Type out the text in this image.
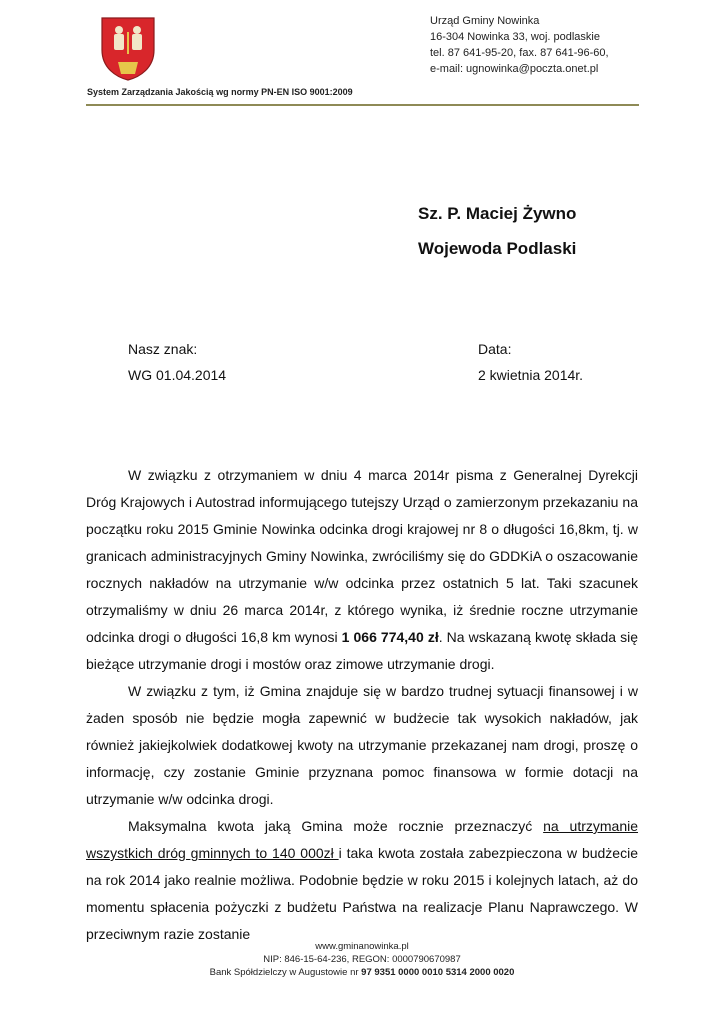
Urząd Gminy Nowinka
16-304 Nowinka 33, woj. podlaskie
tel. 87 641-95-20, fax. 87 641-96-60,
e-mail: ugnowinka@poczta.onet.pl
System Zarządzania Jakością wg normy PN-EN ISO 9001:2009
Sz. P. Maciej Żywno
Wojewoda Podlaski
Nasz znak:
WG 01.04.2014
Data:
2 kwietnia 2014r.

W związku z otrzymaniem w dniu 4 marca 2014r pisma z Generalnej Dyrekcji Dróg Krajowych i Autostrad informującego tutejszy Urząd o zamierzonym przekazaniu na początku roku 2015 Gminie Nowinka odcinka drogi krajowej nr 8 o długości 16,8km, tj. w granicach administracyjnych Gminy Nowinka, zwróciliśmy się do GDDKiA o oszacowanie rocznych nakładów na utrzymanie w/w odcinka przez ostatnich 5 lat. Taki szacunek otrzymaliśmy w dniu 26 marca 2014r, z którego wynika, iż średnie roczne utrzymanie odcinka drogi o długości 16,8 km wynosi 1 066 774,40 zł. Na wskazaną kwotę składa się bieżące utrzymanie drogi i mostów oraz zimowe utrzymanie drogi.

W związku z tym, iż Gmina znajduje się w bardzo trudnej sytuacji finansowej i w żaden sposób nie będzie mogła zapewnić w budżecie tak wysokich nakładów, jak również jakiejkolwiek dodatkowej kwoty na utrzymanie przekazanej nam drogi, proszę o informację, czy zostanie Gminie przyznana pomoc finansowa w formie dotacji na utrzymanie w/w odcinka drogi.

Maksymalna kwota jaką Gmina może rocznie przeznaczyć na utrzymanie wszystkich dróg gminnych to 140 000zł i taka kwota została zabezpieczona w budżecie na rok 2014 jako realnie możliwa. Podobnie będzie w roku 2015 i kolejnych latach, aż do momentu spłacenia pożyczki z budżetu Państwa na realizacje Planu Naprawczego. W przeciwnym razie zostanie

www.gminanowinka.pl
NIP: 846-15-64-236, REGON: 0000790670987
Bank Spółdzielczy w Augustowie nr 97 9351 0000 0010 5314 2000 0020
